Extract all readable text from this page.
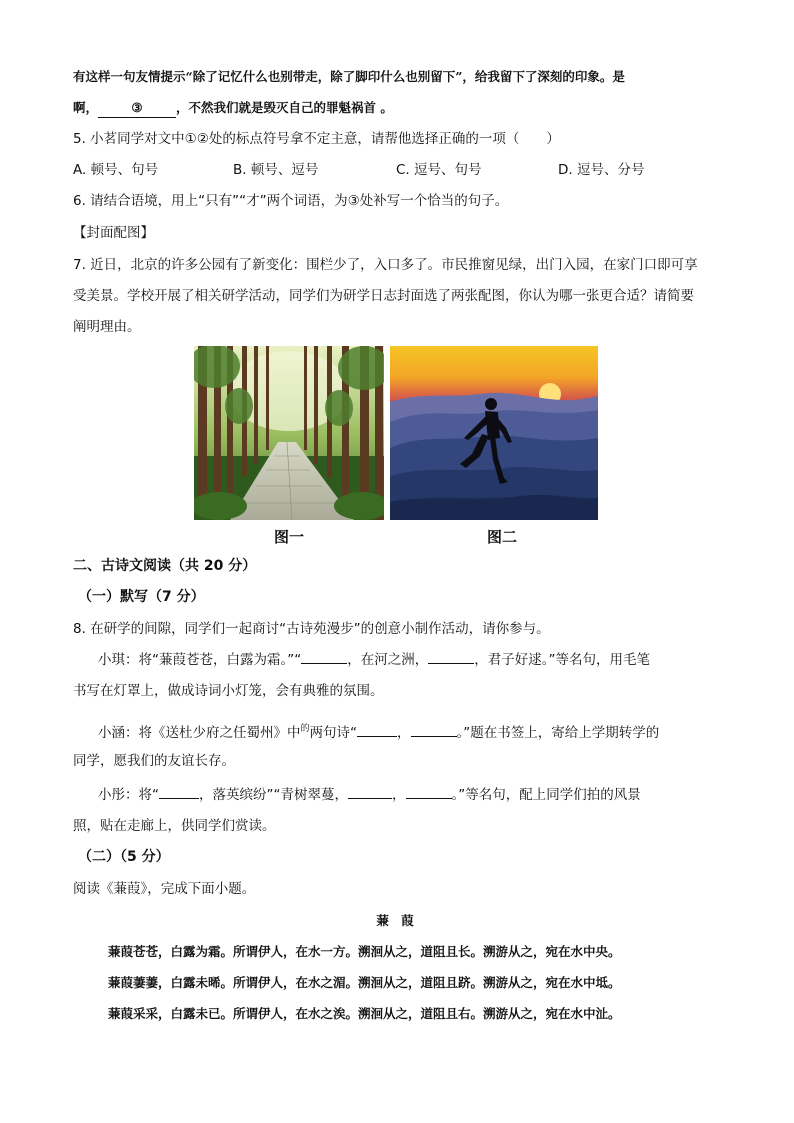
有这样一句友情提示“除了记忆什么也别带走，除了脚印什么也别留下”，给我留下了深刻的印象。是
啊，	③	，不然我们就是毁灭自己的罪魁祸首 。
5. 小茗同学对文中①②处的标点符号拿不定主意，请帮他选择正确的一项（　　）
A. 顿号、句号	B. 顿号、逗号	C. 逗号、句号	D. 逗号、分号
6. 请结合语境，用上“只有”“才”两个词语，为③处补写一个恰当的句子。
【封面配图】
7. 近日，北京的许多公园有了新变化：围栏少了，入口多了。市民推窗见绿，出门入园，在家门口即可享
受美景。学校开展了相关研学活动，同学们为研学日志封面选了两张配图，你认为哪一张更合适？请简要
阐明理由。
图一	图二
二、古诗文阅读（共 20 分）
（一）默写（7 分）
8. 在研学的间隙，同学们一起商讨“古诗苑漫步”的创意小制作活动，请你参与。
小琪：将“蒹葭苍苍，白露为霜。”“	，在河之洲，	，君子好逑。”等名句，用毛笔
书写在灯罩上，做成诗词小灯笼，会有典雅的氛围。
小涵：将《送杜少府之任蜀州》中$^的$两句诗“	，	。”题在书签上，寄给上学期转学的
同学，愿我们的友谊长存。
小彤：将“	，落英缤纷”“青树翠蔓，	，	。”等名句，配上同学们拍的风景
照，贴在走廊上，供同学们赏读。
（二）（5 分）
阅读《蒹葭》，完成下面小题。
蒹 葭
蒹葭苍苍，白露为霜。所谓伊人，在水一方。溯洄从之，道阻且长。溯游从之，宛在水中央。
蒹葭萋萋，白露未晞。所谓伊人，在水之湄。溯洄从之，道阻且跻。溯游从之，宛在水中坻。
蒹葭采采，白露未已。所谓伊人，在水之涘。溯洄从之，道阻且右。溯游从之，宛在水中沚。
